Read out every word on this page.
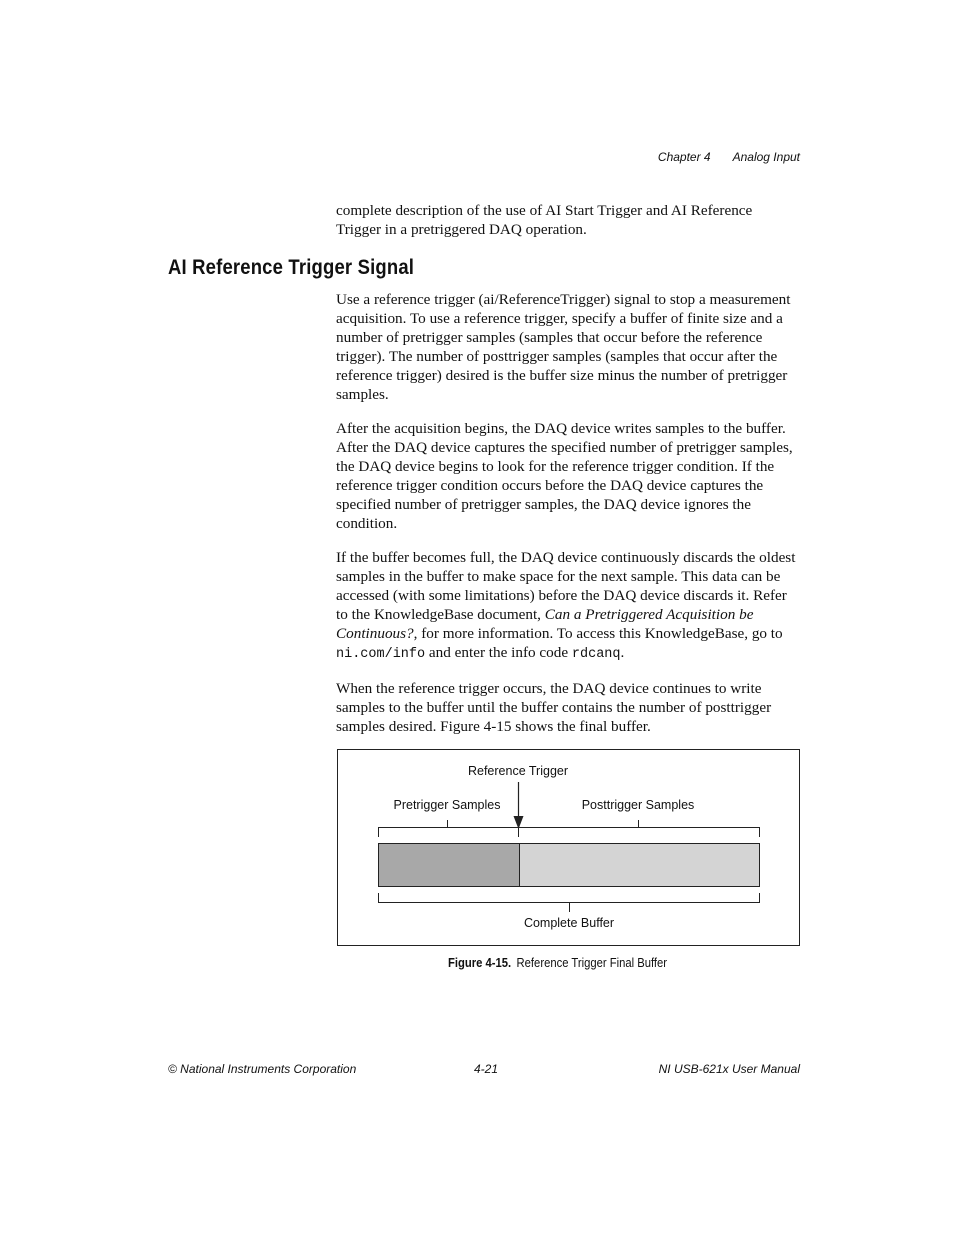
Chapter 4 Analog Input

complete description of the use of AI Start Trigger and AI Reference Trigger in a pretriggered DAQ operation.

AI Reference Trigger Signal

Use a reference trigger (ai/ReferenceTrigger) signal to stop a measurement acquisition. To use a reference trigger, specify a buffer of finite size and a number of pretrigger samples (samples that occur before the reference trigger). The number of posttrigger samples (samples that occur after the reference trigger) desired is the buffer size minus the number of pretrigger samples.

After the acquisition begins, the DAQ device writes samples to the buffer. After the DAQ device captures the specified number of pretrigger samples, the DAQ device begins to look for the reference trigger condition. If the reference trigger condition occurs before the DAQ device captures the specified number of pretrigger samples, the DAQ device ignores the condition.

If the buffer becomes full, the DAQ device continuously discards the oldest samples in the buffer to make space for the next sample. This data can be accessed (with some limitations) before the DAQ device discards it. Refer to the KnowledgeBase document, Can a Pretriggered Acquisition be Continuous?, for more information. To access this KnowledgeBase, go to ni.com/info and enter the info code rdcanq.

When the reference trigger occurs, the DAQ device continues to write samples to the buffer until the buffer contains the number of posttrigger samples desired. Figure 4-15 shows the final buffer.

Reference Trigger
Pretrigger Samples	Posttrigger Samples
Complete Buffer
Figure 4-15. Reference Trigger Final Buffer
© National Instruments Corporation	4-21	NI USB-621x User Manual
